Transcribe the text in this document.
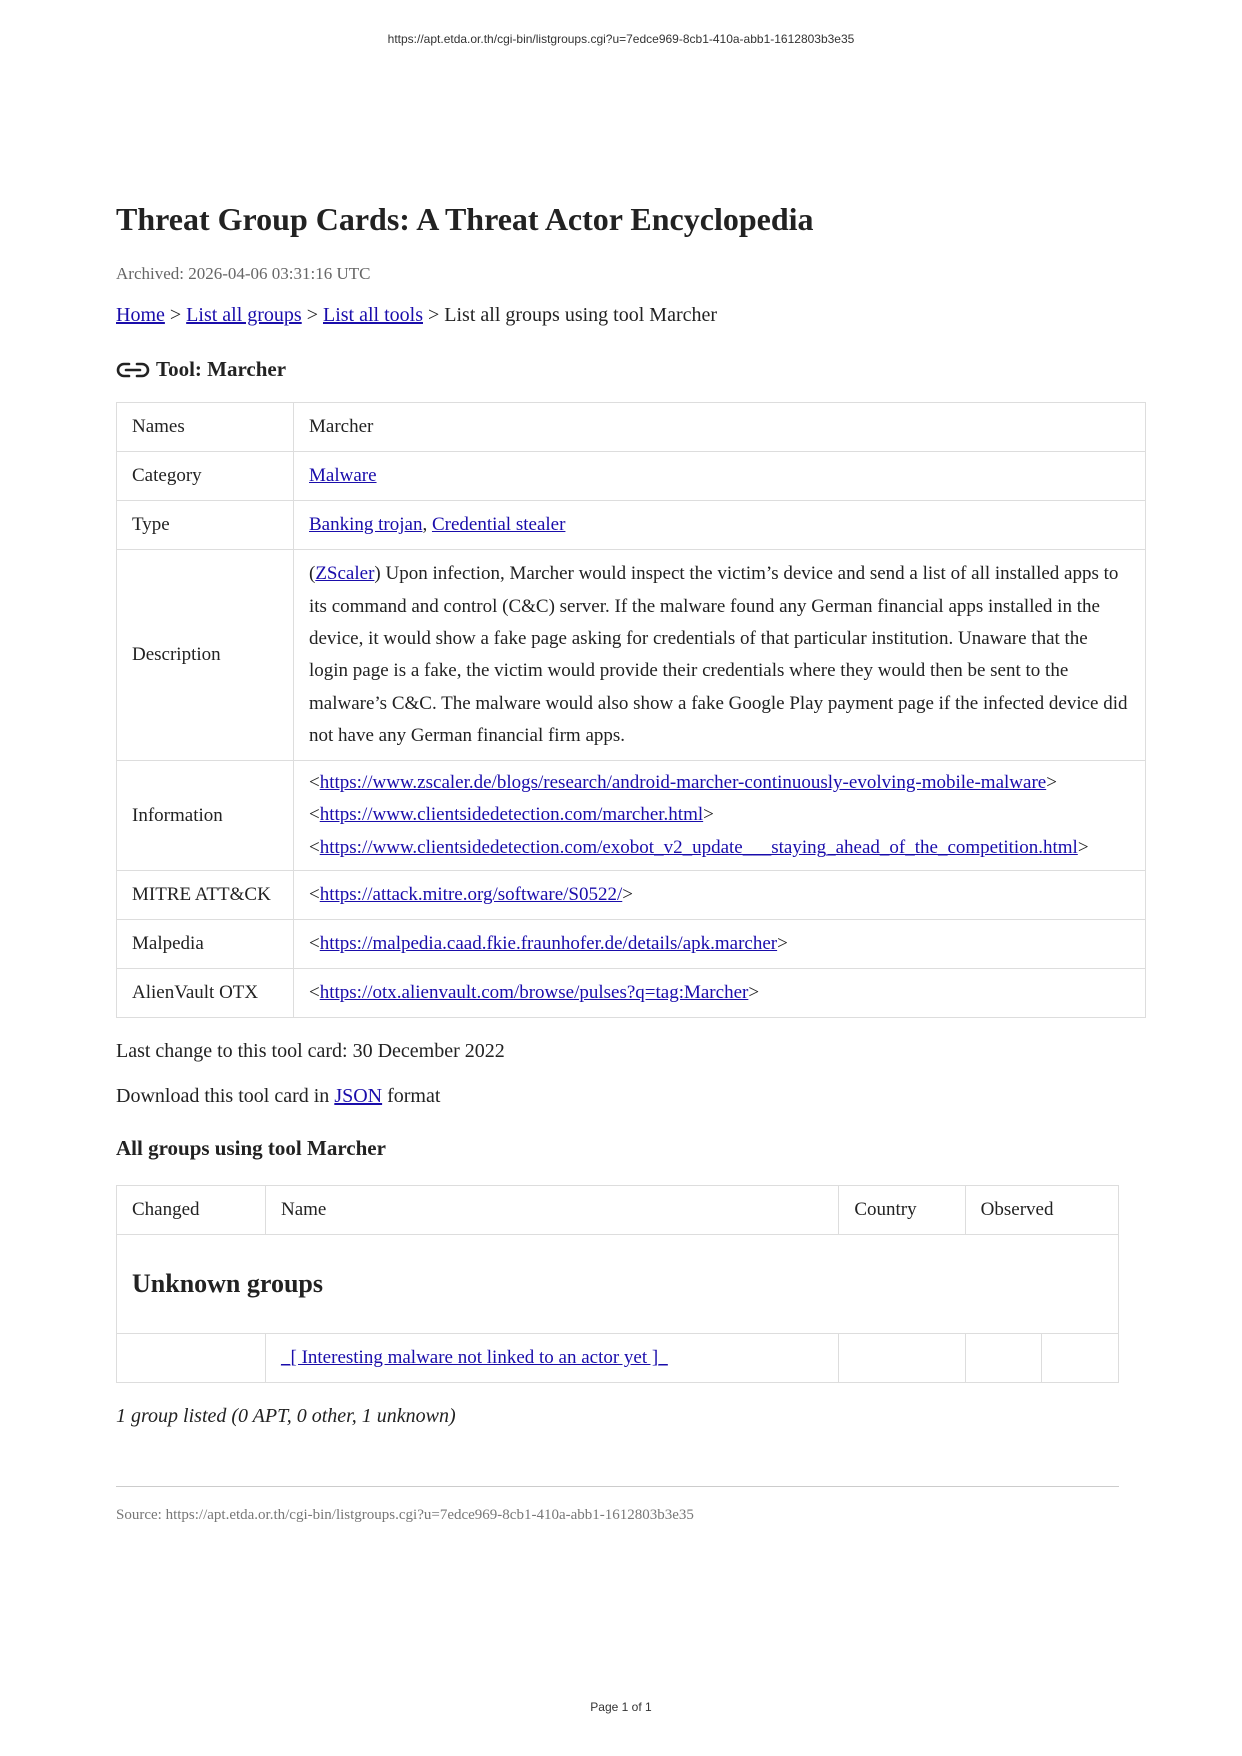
https://apt.etda.or.th/cgi-bin/listgroups.cgi?u=7edce969-8cb1-410a-abb1-1612803b3e35
Threat Group Cards: A Threat Actor Encyclopedia
Archived: 2026-04-06 03:31:16 UTC
Home > List all groups > List all tools > List all groups using tool Marcher
Tool: Marcher
Names	Marcher
Category	Malware
Type	Banking trojan, Credential stealer
Description	(ZScaler) Upon infection, Marcher would inspect the victim’s device and send a list of all installed apps to its command and control (C&C) server. If the malware found any German financial apps installed in the device, it would show a fake page asking for credentials of that particular institution. Unaware that the login page is a fake, the victim would provide their credentials where they would then be sent to the malware’s C&C. The malware would also show a fake Google Play payment page if the infected device did not have any German financial firm apps.
Information	<https://www.zscaler.de/blogs/research/android-marcher-continuously-evolving-mobile-malware>
<https://www.clientsidedetection.com/marcher.html>
<https://www.clientsidedetection.com/exobot_v2_update___staying_ahead_of_the_competition.html>

MITRE ATT&CK	<https://attack.mitre.org/software/S0522/>
Malpedia	<https://malpedia.caad.fkie.fraunhofer.de/details/apk.marcher>
AlienVault OTX	<https://otx.alienvault.com/browse/pulses?q=tag:Marcher>
Last change to this tool card: 30 December 2022
Download this tool card in JSON format
All groups using tool Marcher
Changed	Name	Country	Observed	
Unknown groups				
	_[ Interesting malware not linked to an actor yet ]_			
1 group listed (0 APT, 0 other, 1 unknown)
Source: https://apt.etda.or.th/cgi-bin/listgroups.cgi?u=7edce969-8cb1-410a-abb1-1612803b3e35
Page 1 of 1
